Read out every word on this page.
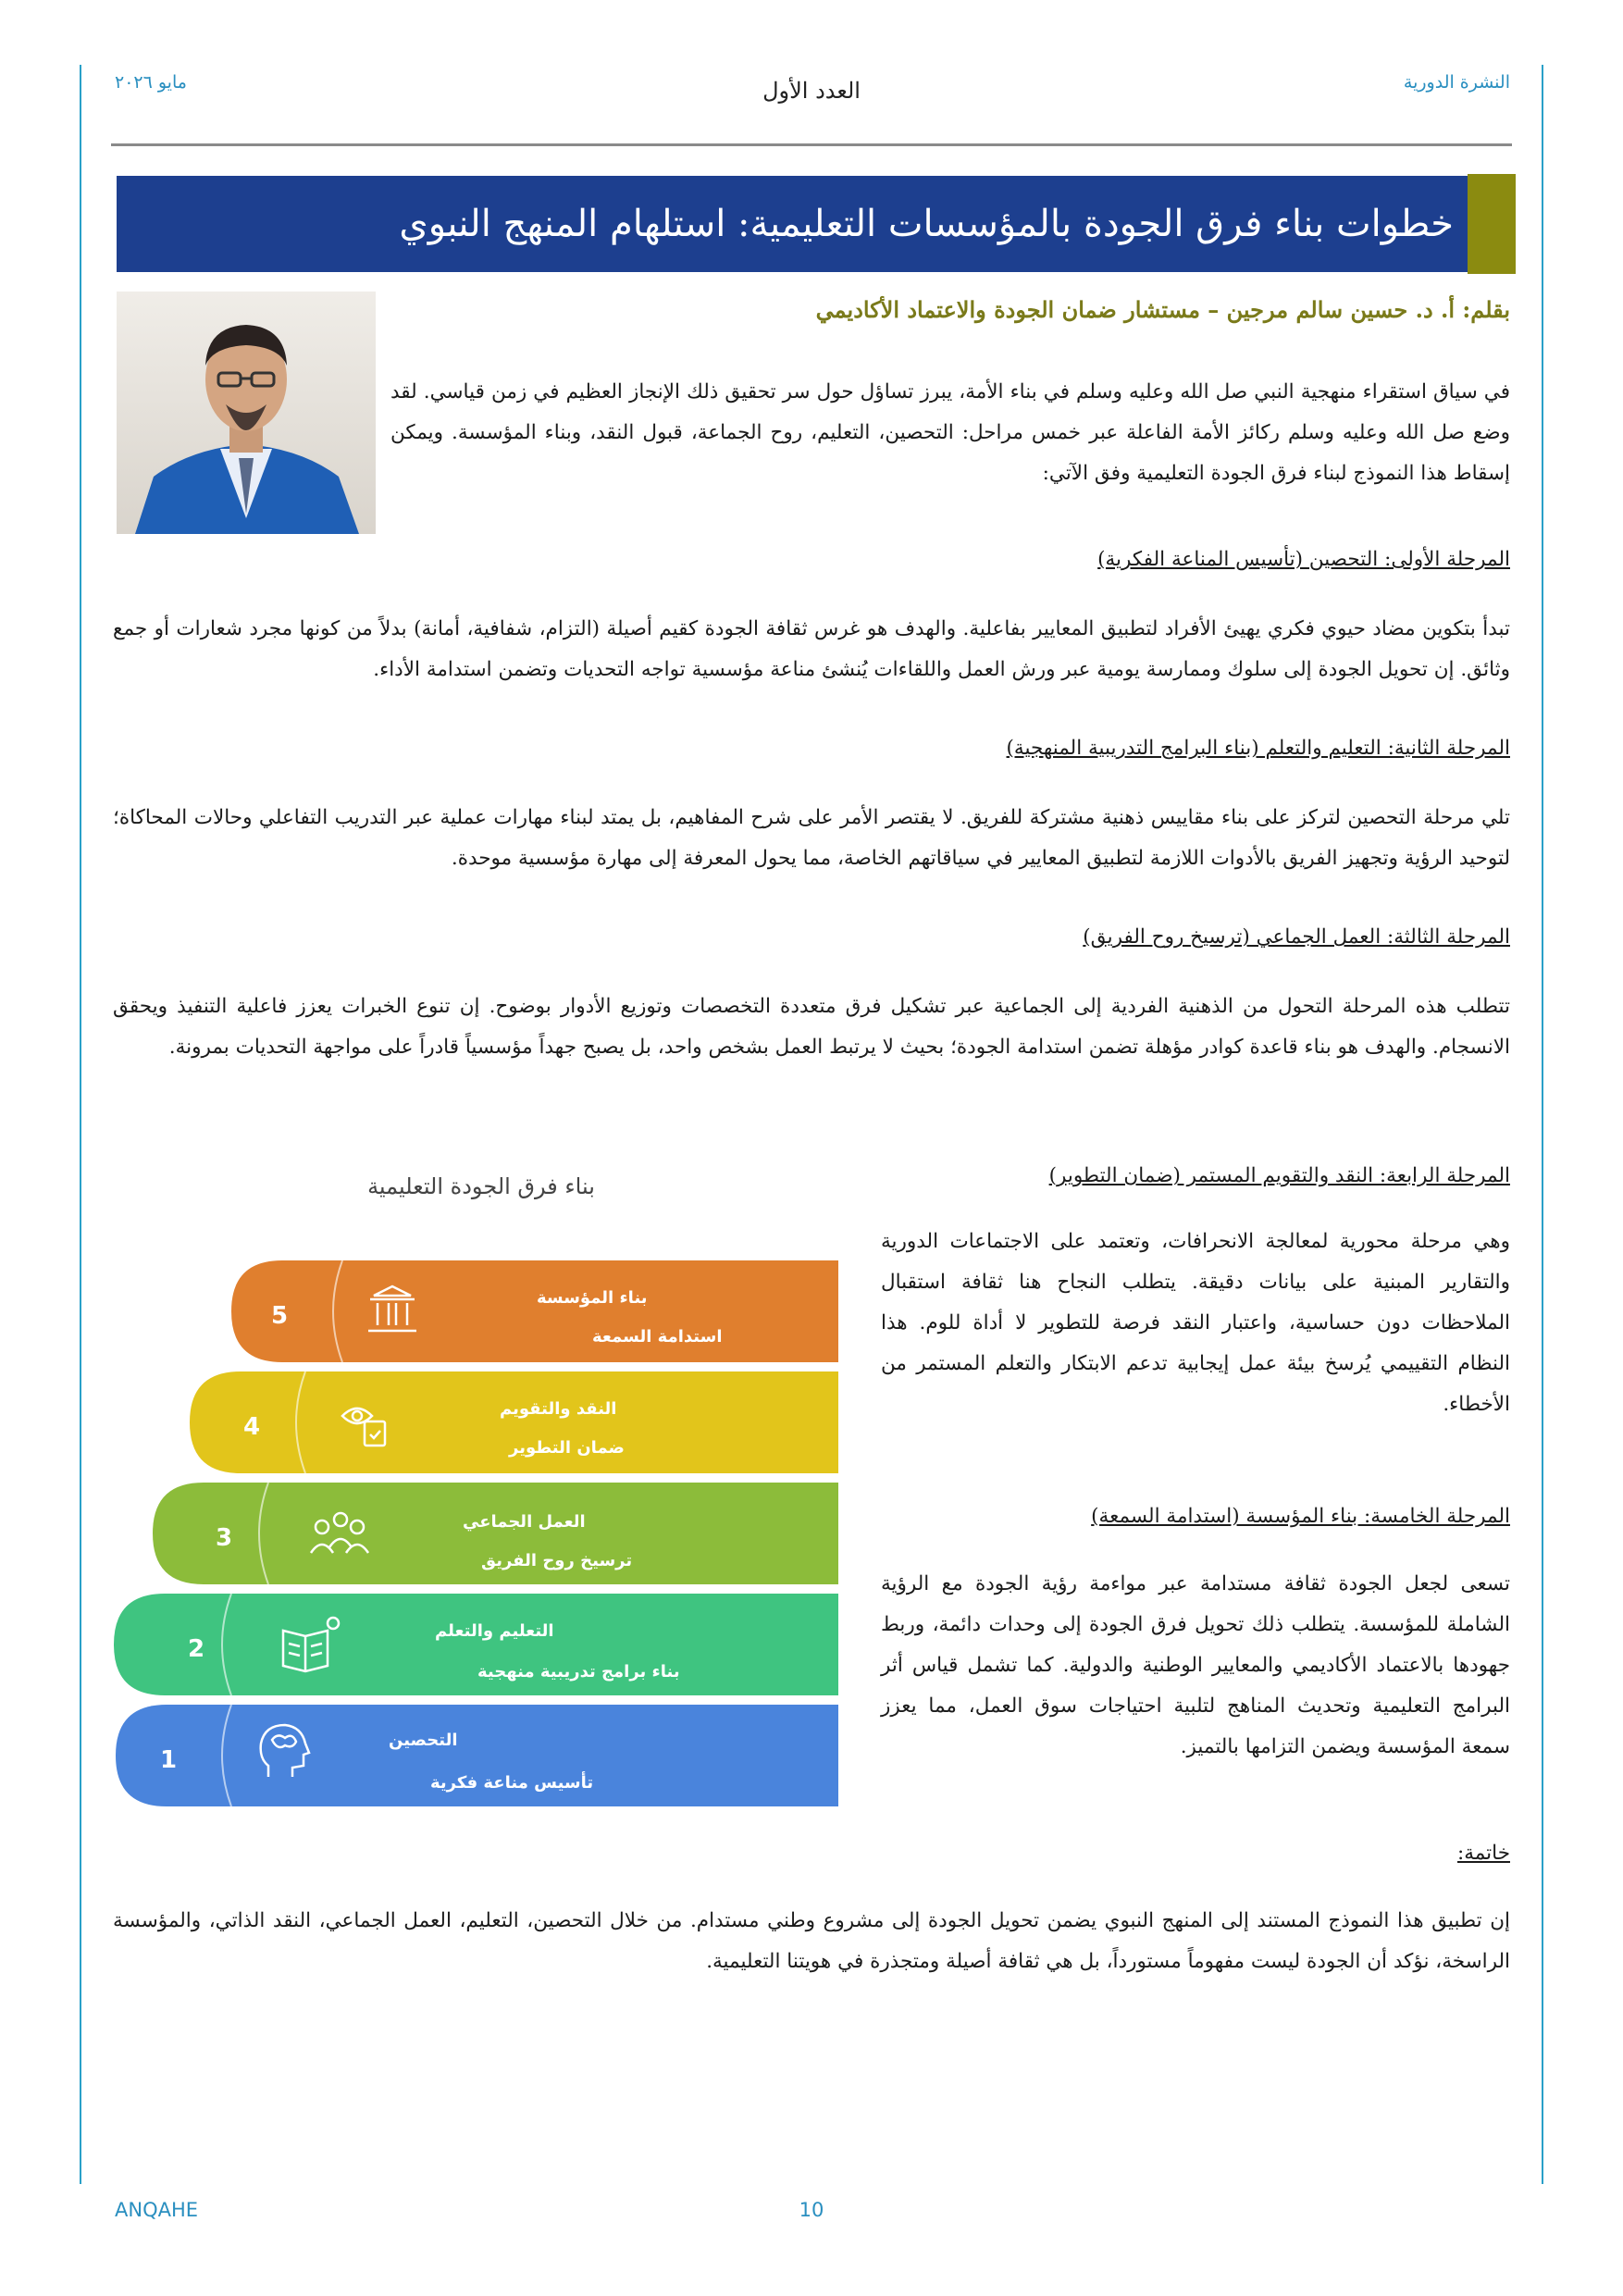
مايو ٢٠٢٦	العدد الأول	النشرة الدورية
خطوات بناء فرق الجودة بالمؤسسات التعليمية: استلهام المنهج النبوي
بقلم: أ. د. حسين سالم مرجين – مستشار ضمان الجودة والاعتماد الأكاديمي
في سياق استقراء منهجية النبي صل الله وعليه وسلم في بناء الأمة، يبرز تساؤل حول سر تحقيق ذلك الإنجاز العظيم في زمن قياسي. لقد وضع صل الله وعليه وسلم ركائز الأمة الفاعلة عبر خمس مراحل: التحصين، التعليم، روح الجماعة، قبول النقد، وبناء المؤسسة. ويمكن إسقاط هذا النموذج لبناء فرق الجودة التعليمية وفق الآتي:
المرحلة الأولى: التحصين (تأسيس المناعة الفكرية)
تبدأ بتكوين مضاد حيوي فكري يهيئ الأفراد لتطبيق المعايير بفاعلية. والهدف هو غرس ثقافة الجودة كقيم أصيلة (التزام، شفافية، أمانة) بدلاً من كونها مجرد شعارات أو جمع وثائق. إن تحويل الجودة إلى سلوك وممارسة يومية عبر ورش العمل واللقاءات يُنشئ مناعة مؤسسية تواجه التحديات وتضمن استدامة الأداء.
المرحلة الثانية: التعليم والتعلم (بناء البرامج التدريبية المنهجية)
تلي مرحلة التحصين لتركز على بناء مقاييس ذهنية مشتركة للفريق. لا يقتصر الأمر على شرح المفاهيم، بل يمتد لبناء مهارات عملية عبر التدريب التفاعلي وحالات المحاكاة؛ لتوحيد الرؤية وتجهيز الفريق بالأدوات اللازمة لتطبيق المعايير في سياقاتهم الخاصة، مما يحول المعرفة إلى مهارة مؤسسية موحدة.
المرحلة الثالثة: العمل الجماعي (ترسيخ روح الفريق)
تتطلب هذه المرحلة التحول من الذهنية الفردية إلى الجماعية عبر تشكيل فرق متعددة التخصصات وتوزيع الأدوار بوضوح. إن تنوع الخبرات يعزز فاعلية التنفيذ ويحقق الانسجام. والهدف هو بناء قاعدة كوادر مؤهلة تضمن استدامة الجودة؛ بحيث لا يرتبط العمل بشخص واحد، بل يصبح جهداً مؤسسياً قادراً على مواجهة التحديات بمرونة.
المرحلة الرابعة: النقد والتقويم المستمر (ضمان التطوير)
وهي مرحلة محورية لمعالجة الانحرافات، وتعتمد على الاجتماعات الدورية والتقارير المبنية على بيانات دقيقة. يتطلب النجاح هنا ثقافة استقبال الملاحظات دون حساسية، واعتبار النقد فرصة للتطوير لا أداة للوم. هذا النظام التقييمي يُرسخ بيئة عمل إيجابية تدعم الابتكار والتعلم المستمر من الأخطاء.
المرحلة الخامسة: بناء المؤسسة (استدامة السمعة)
تسعى لجعل الجودة ثقافة مستدامة عبر مواءمة رؤية الجودة مع الرؤية الشاملة للمؤسسة. يتطلب ذلك تحويل فرق الجودة إلى وحدات دائمة، وربط جهودها بالاعتماد الأكاديمي والمعايير الوطنية والدولية. كما تشمل قياس أثر البرامج التعليمية وتحديث المناهج لتلبية احتياجات سوق العمل، مما يعزز سمعة المؤسسة ويضمن التزامها بالتميز.
خاتمة:
إن تطبيق هذا النموذج المستند إلى المنهج النبوي يضمن تحويل الجودة إلى مشروع وطني مستدام. من خلال التحصين، التعليم، العمل الجماعي، النقد الذاتي، والمؤسسة الراسخة، نؤكد أن الجودة ليست مفهوماً مستورداً، بل هي ثقافة أصيلة ومتجذرة في هويتنا التعليمية.
بناء فرق الجودة التعليمية
5
بناء المؤسسة
استدامة السمعة
4
النقد والتقويم
ضمان التطوير
3
العمل الجماعي
ترسيخ روح الفريق
2
التعليم والتعلم
بناء برامج تدريبية منهجية
1
التحصين
تأسيس مناعة فكرية
ANQAHE	10
